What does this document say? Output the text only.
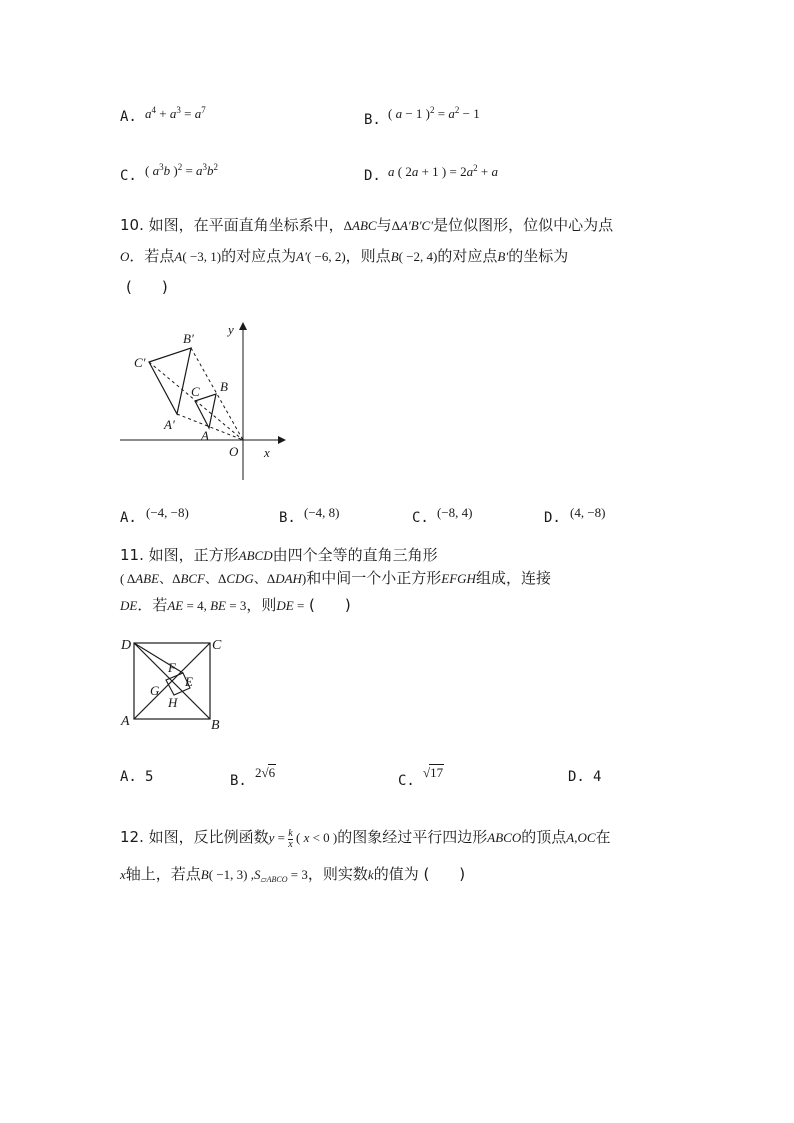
A. $a^4 + a^3 = a^7$
B. ( a − 1 )$^2 = a^2 - 1$
C. ( $a^3b$ )$^2 = a^3b^2$
D. a ( 2a + 1 ) = $2a^2 + a$
10. 如图，在平面直角坐标系中，ΔABC与ΔA′B′C′是位似图形，位似中心为点
O．若点A( −3, 1)的对应点为A′( −6, 2)，则点B( −2, 4)的对应点B′的坐标为
(　　)
B′
C′
A′
B
C
A
O x
y
A. (−4, −8)	B. (−4, 8)	C. (−8, 4)	D. (4, −8)
11. 如图，正方形ABCD由四个全等的直角三角形
( ΔABE、ΔBCF、ΔCDG、ΔDAH)和中间一个小正方形EFGH组成，连接
DE．若AE = 4, BE = 3，则DE = (　　)
D	C
A	B
F
E
G
H
A. 5	B.
2√6
C.
√17	D. 4
12. 如图，反比例函数$y = \frac{k}{x}$ ( x < 0 )的图象经过平行四边形ABCO的顶点A,OC在
x轴上，若点B( −1, 3) $,S_{▱ABCO} = 3$，则实数k的值为 (　　)
